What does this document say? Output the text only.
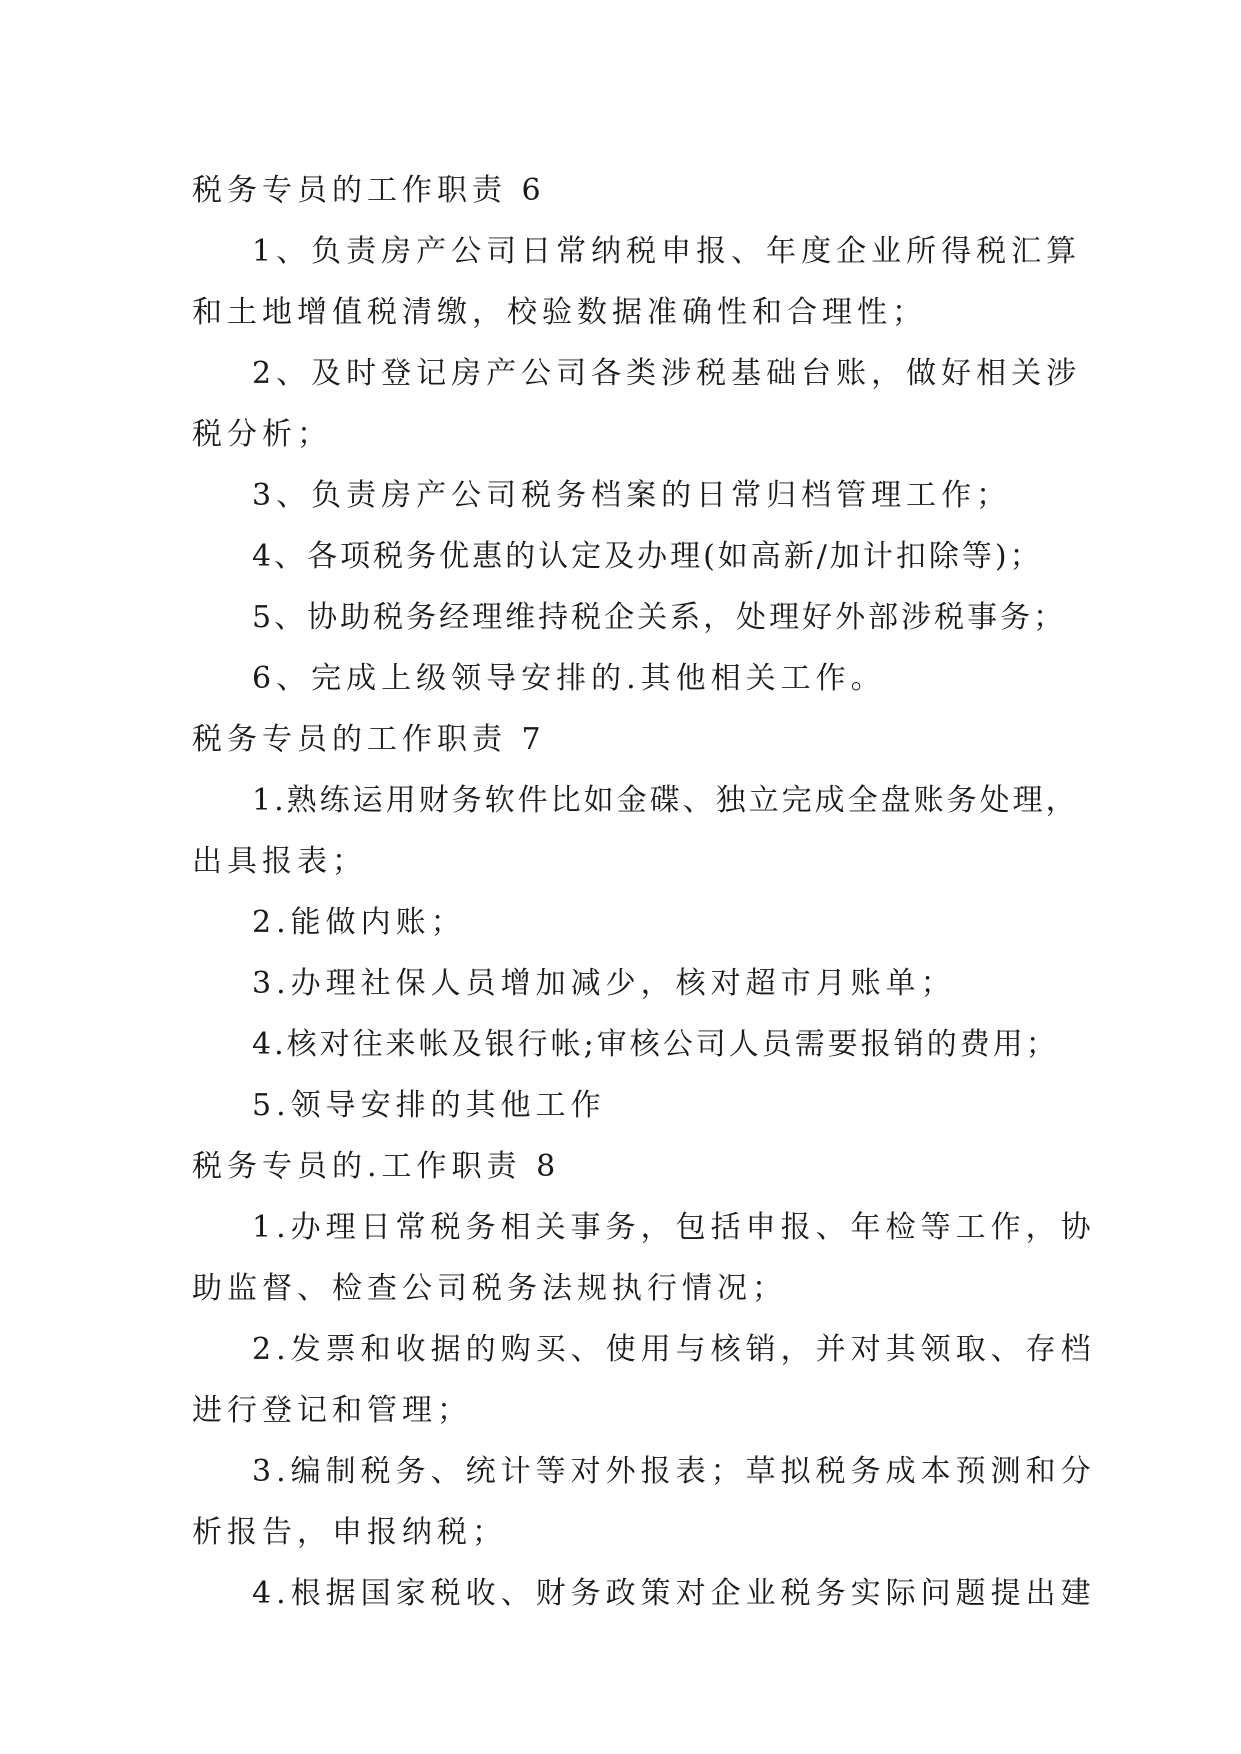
税务专员的工作职责 6
1、负责房产公司日常纳税申报、年度企业所得税汇算
和土地增值税清缴，校验数据准确性和合理性；
2、及时登记房产公司各类涉税基础台账，做好相关涉
税分析；
3、负责房产公司税务档案的日常归档管理工作；
4、各项税务优惠的认定及办理(如高新/加计扣除等)；
5、协助税务经理维持税企关系，处理好外部涉税事务；
6、完成上级领导安排的.其他相关工作。
税务专员的工作职责 7
1.熟练运用财务软件比如金碟、独立完成全盘账务处理，
出具报表；
2.能做内账；
3.办理社保人员增加减少，核对超市月账单；
4.核对往来帐及银行帐;审核公司人员需要报销的费用；
5.领导安排的其他工作
税务专员的.工作职责 8
1.办理日常税务相关事务，包括申报、年检等工作，协
助监督、检查公司税务法规执行情况；
2.发票和收据的购买、使用与核销，并对其领取、存档
进行登记和管理；
3.编制税务、统计等对外报表；草拟税务成本预测和分
析报告，申报纳税；
4.根据国家税收、财务政策对企业税务实际问题提出建
